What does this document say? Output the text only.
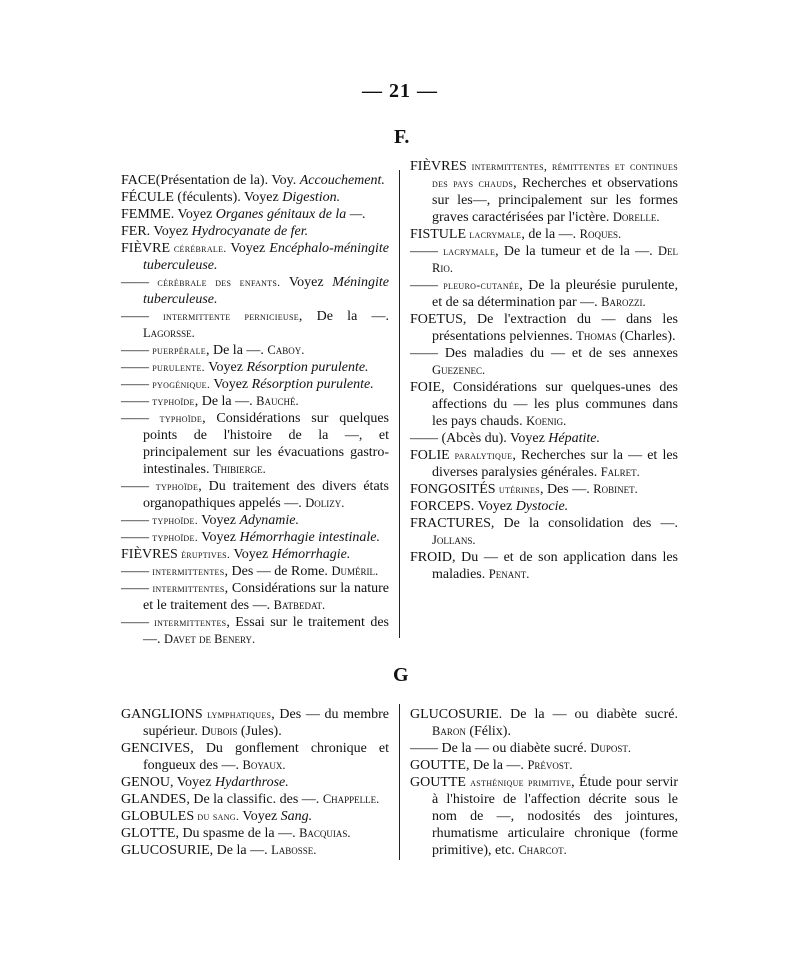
— 21 —
F.

FACE(Présentation de la). Voy. Accouchement.

FÉCULE (féculents). Voyez Digestion.

FEMME. Voyez Organes génitaux de la —.

FER. Voyez Hydrocyanate de fer.

FIÈVRE cérébrale. Voyez Encéphalo-méningite tuberculeuse.

—— cérébrale des enfants. Voyez Méningite tuberculeuse.

—— intermittente pernicieuse, De la —. Lagorsse.

—— puerpérale, De la —. Caboy.

—— purulente. Voyez Résorption purulente.

—— pyogénique. Voyez Résorption purulente.

—— typhoïde, De la —. Bauché.

—— typhoïde, Considérations sur quelques points de l'histoire de la —, et principalement sur les évacuations gastro-intestinales. Thibierge.

—— typhoïde, Du traitement des divers états organopathiques appelés —. Dolizy.

—— typhoïde. Voyez Adynamie.

—— typhoïde. Voyez Hémorrhagie intestinale.

FIÈVRES éruptives. Voyez Hémorrhagie.

—— intermittentes, Des — de Rome. Duméril.

—— intermittentes, Considérations sur la nature et le traitement des —. Batbedat.

—— intermittentes, Essai sur le traitement des —. Davet de Benery.

FIÈVRES intermittentes, rémittentes et continues des pays chauds, Recherches et observations sur les—, principalement sur les formes graves caractérisées par l'ictère. Dorelle.

FISTULE lacrymale, de la —. Roques.

—— lacrymale, De la tumeur et de la —. Del Rio.

—— pleuro-cutanée, De la pleurésie purulente, et de sa détermination par —. Barozzi.

FOETUS, De l'extraction du — dans les présentations pelviennes. Thomas (Charles).

—— Des maladies du — et de ses annexes Guezenec.

FOIE, Considérations sur quelques-unes des affections du — les plus communes dans les pays chauds. Koenig.

—— (Abcès du). Voyez Hépatite.

FOLIE paralytique, Recherches sur la — et les diverses paralysies générales. Falret.

FONGOSITÉS utérines, Des —. Robinet.

FORCEPS. Voyez Dystocie.

FRACTURES, De la consolidation des —. Jollans.

FROID, Du — et de son application dans les maladies. Penant.

G

GANGLIONS lymphatiques, Des — du membre supérieur. Dubois (Jules).

GENCIVES, Du gonflement chronique et fongueux des —. Boyaux.

GENOU, Voyez Hydarthrose.

GLANDES, De la classific. des —. Chappelle.

GLOBULES du sang. Voyez Sang.

GLOTTE, Du spasme de la —. Bacquias.

GLUCOSURIE, De la —. Labosse.

GLUCOSURIE. De la — ou diabète sucré. Baron (Félix).

—— De la — ou diabète sucré. Dupost.

GOUTTE, De la —. Prévost.

GOUTTE asthénique primitive, Étude pour servir à l'histoire de l'affection décrite sous le nom de —, nodosités des jointures, rhumatisme articulaire chronique (forme primitive), etc. Charcot.
